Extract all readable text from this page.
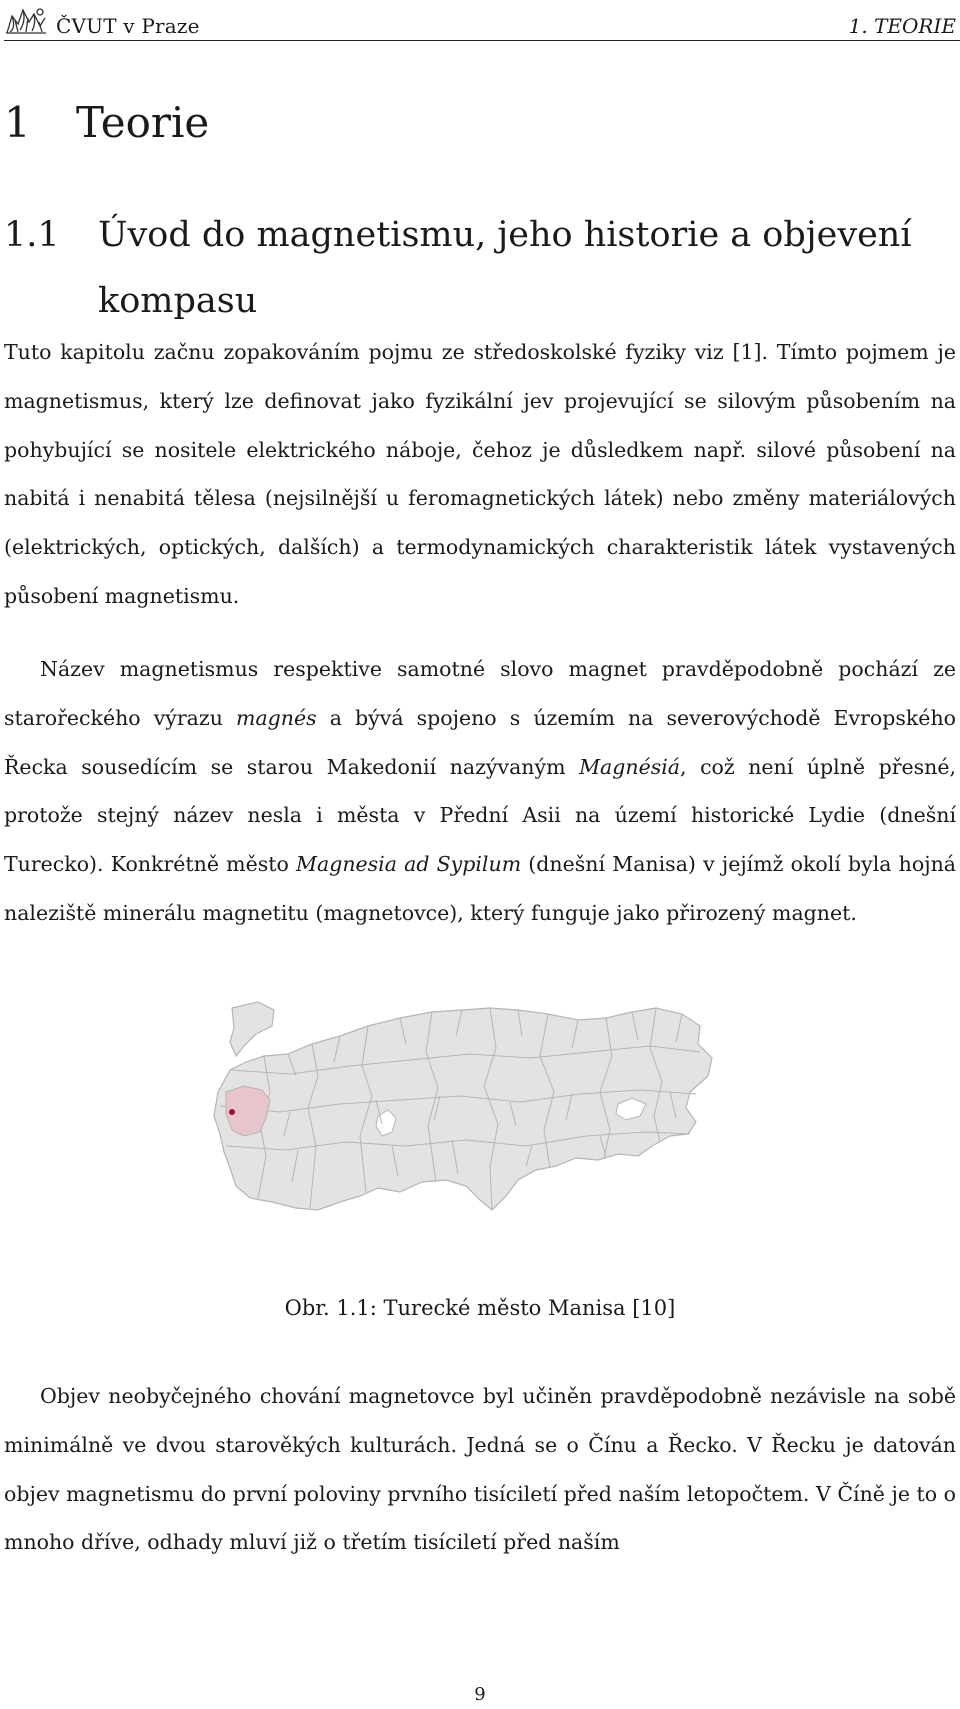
ČVUT v Praze	1. TEORIE
1 Teorie
1.1 Úvod do magnetismu, jeho historie a objevení kompasu

Tuto kapitolu začnu zopakováním pojmu ze středoskolské fyziky viz [1]. Tímto pojmem je magnetismus, který lze definovat jako fyzikální jev projevující se silovým působením na pohybující se nositele elektrického náboje, čehoz je důsledkem např. silové působení na nabitá i nenabitá tělesa (nejsilnější u feromagnetických látek) nebo změny materiálových (elektrických, optických, dalších) a termodynamických charakteristik látek vystavených působení magnetismu.

Název magnetismus respektive samotné slovo magnet pravděpodobně pochází ze starořeckého výrazu magnés a bývá spojeno s územím na severovýchodě Evropského Řecka sousedícím se starou Makedonií nazývaným Magnésiá, což není úplně přesné, protože stejný název nesla i města v Přední Asii na území historické Lydie (dnešní Turecko). Konkrétně město Magnesia ad Sypilum (dnešní Manisa) v jejímž okolí byla hojná naleziště minerálu magnetitu (magnetovce), který funguje jako přirozený magnet.

Obr. 1.1: Turecké město Manisa [10]

Objev neobyčejného chování magnetovce byl učiněn pravděpodobně nezávisle na sobě minimálně ve dvou starověkých kulturách. Jedná se o Čínu a Řecko. V Řecku je datován objev magnetismu do první poloviny prvního tisíciletí před naším letopočtem. V Číně je to o mnoho dříve, odhady mluví již o třetím tisíciletí před naším

9
